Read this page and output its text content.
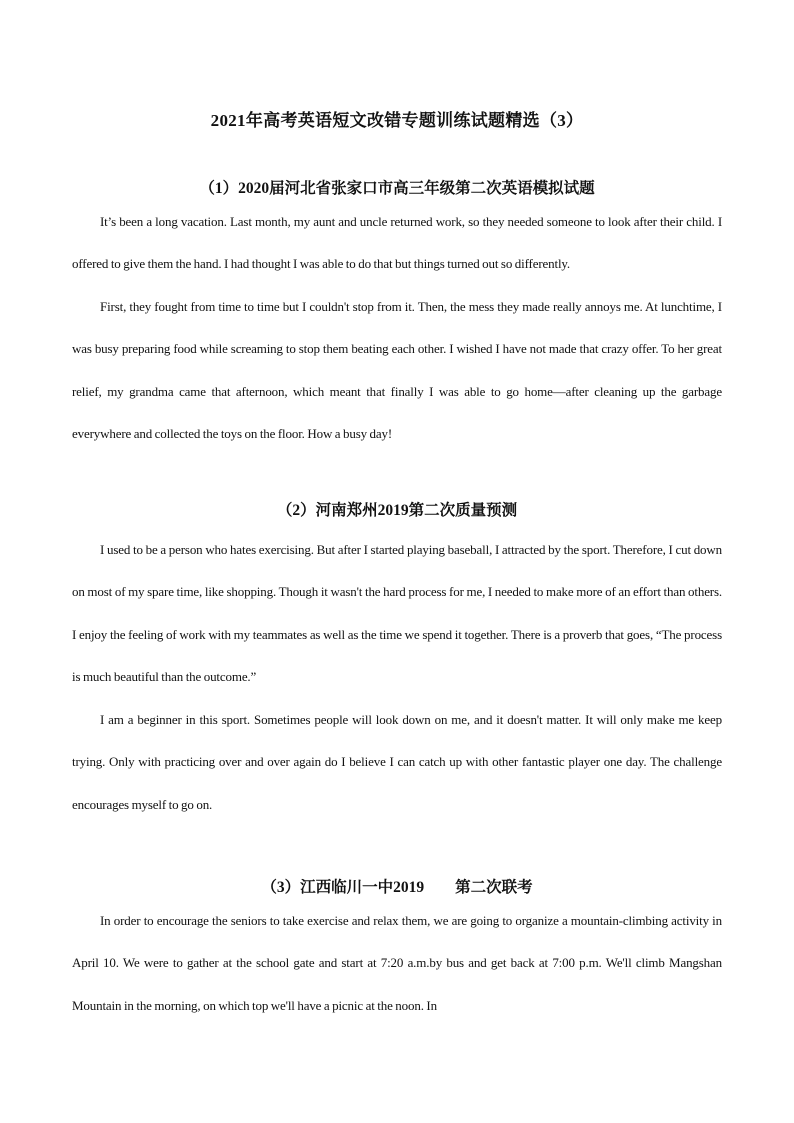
2021年高考英语短文改错专题训练试题精选（3）
（1）2020届河北省张家口市高三年级第二次英语模拟试题

It’s been a long vacation. Last month, my aunt and uncle returned work, so they needed someone to look after their child. I offered to give them the hand. I had thought I was able to do that but things turned out so differently.

First, they fought from time to time but I couldn't stop from it. Then, the mess they made really annoys me. At lunchtime, I was busy preparing food while screaming to stop them beating each other. I wished I have not made that crazy offer. To her great relief, my grandma came that afternoon, which meant that finally I was able to go home—after cleaning up the garbage everywhere and collected the toys on the floor. How a busy day!

（2）河南郑州2019第二次质量预测

I used to be a person who hates exercising. But after I started playing baseball, I attracted by the sport. Therefore, I cut down on most of my spare time, like shopping. Though it wasn't the hard process for me, I needed to make more of an effort than others. I enjoy the feeling of work with my teammates as well as the time we spend it together. There is a proverb that goes, “The process is much beautiful than the outcome.”

I am a beginner in this sport. Sometimes people will look down on me, and it doesn't matter. It will only make me keep trying. Only with practicing over and over again do I believe I can catch up with other fantastic player one day. The challenge encourages myself to go on.

（3）江西临川一中2019　　第二次联考

In order to encourage the seniors to take exercise and relax them, we are going to organize a mountain-climbing activity in April 10. We were to gather at the school gate and start at 7:20 a.m.by bus and get back at 7:00 p.m. We'll climb Mangshan Mountain in the morning, on which top we'll have a picnic at the noon. In
